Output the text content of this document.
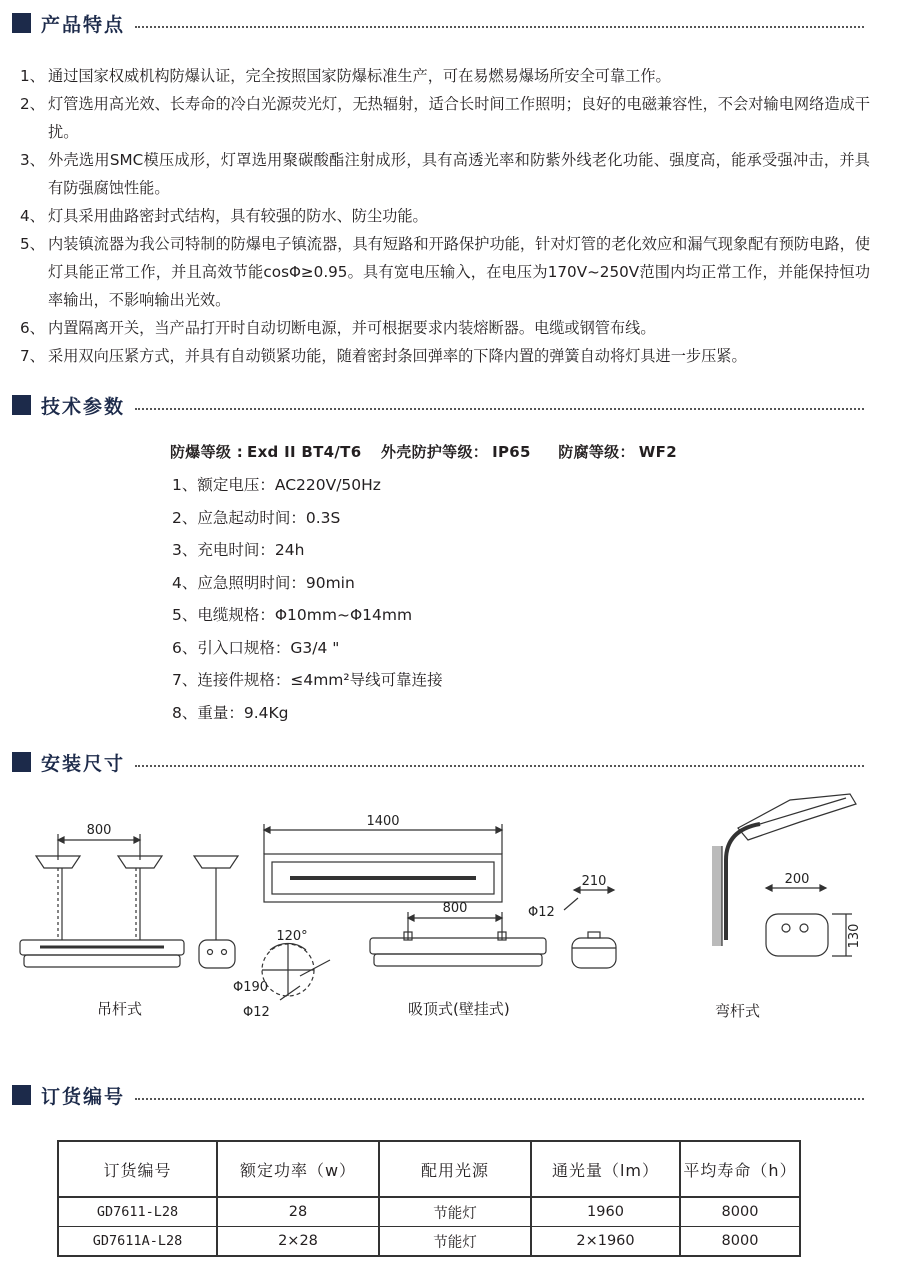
产品特点
1、 通过国家权威机构防爆认证，完全按照国家防爆标准生产，可在易燃易爆场所安全可靠工作。
2、 灯管选用高光效、长寿命的冷白光源荧光灯，无热辐射，适合长时间工作照明；良好的电磁兼容性，不会对输电网络造成干扰。
3、 外壳选用SMC模压成形，灯罩选用聚碳酸酯注射成形，具有高透光率和防紫外线老化功能、强度高，能承受强冲击，并具有防强腐蚀性能。
4、 灯具采用曲路密封式结构，具有较强的防水、防尘功能。
5、 内装镇流器为我公司特制的防爆电子镇流器，具有短路和开路保护功能，针对灯管的老化效应和漏气现象配有预防电路，使灯具能正常工作，并且高效节能cosΦ≥0.95。具有宽电压输入，在电压为170V~250V范围内均正常工作，并能保持恒功率输出，不影响输出光效。
6、 内置隔离开关，当产品打开时自动切断电源，并可根据要求内装熔断器。电缆或钢管布线。
7、 采用双向压紧方式，并具有自动锁紧功能，随着密封条回弹率的下降内置的弹簧自动将灯具进一步压紧。
技术参数
防爆等级 : Exd II BT4/T6 外壳防护等级： IP65 防腐等级： WF2
1、额定电压：AC220V/50Hz
2、应急起动时间：0.3S
3、充电时间：24h
4、应急照明时间：90min
5、电缆规格：Φ10mm~Φ14mm
6、引入口规格：G3/4 "
7、连接件规格：≤4mm²导线可靠连接
8、重量：9.4Kg
安装尺寸
800
120°
Φ190
Φ12
1400
800
210
Φ12
200
130
吊杆式	吸顶式(壁挂式)	弯杆式
订货编号
订货编号	额定功率（w）	配用光源	通光量（lm）	平均寿命（h）
GD7611-L28	28	节能灯	1960	8000
GD7611A-L28	2×28	节能灯	2×1960	8000
